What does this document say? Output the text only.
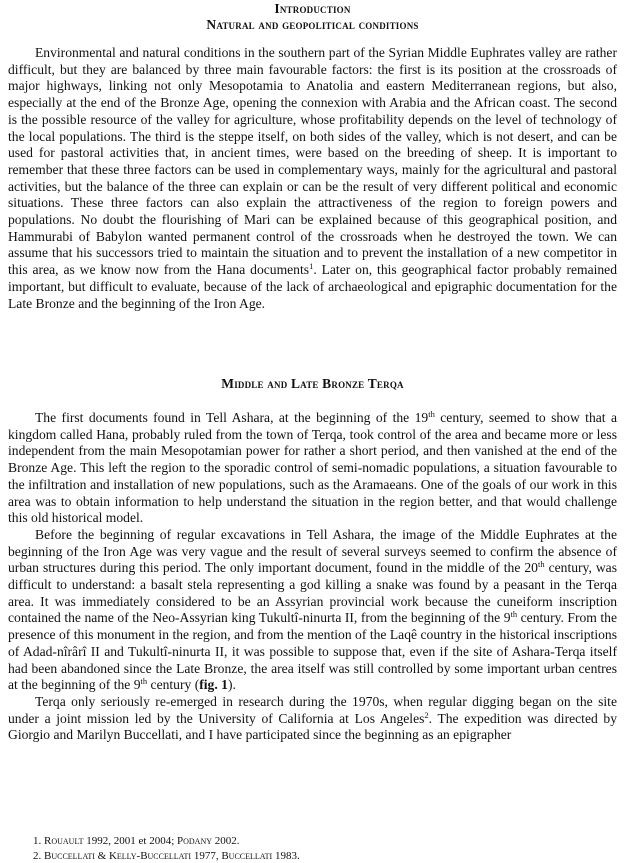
Introduction
Natural and geopolitical conditions

Environmental and natural conditions in the southern part of the Syrian Middle Euphrates valley are rather difficult, but they are balanced by three main favourable factors: the first is its position at the crossroads of major highways, linking not only Mesopotamia to Anatolia and eastern Mediterranean regions, but also, especially at the end of the Bronze Age, opening the connexion with Arabia and the African coast. The second is the possible resource of the valley for agriculture, whose profitability depends on the level of technology of the local populations. The third is the steppe itself, on both sides of the valley, which is not desert, and can be used for pastoral activities that, in ancient times, were based on the breeding of sheep. It is important to remember that these three factors can be used in complementary ways, mainly for the agricultural and pastoral activities, but the balance of the three can explain or can be the result of very different political and economic situations. These three factors can also explain the attractiveness of the region to foreign powers and populations. No doubt the flourishing of Mari can be explained because of this geographical position, and Hammurabi of Babylon wanted permanent control of the crossroads when he destroyed the town. We can assume that his successors tried to maintain the situation and to prevent the installation of a new competitor in this area, as we know now from the Hana documents$^1$. Later on, this geographical factor probably remained important, but difficult to evaluate, because of the lack of archaeological and epigraphic documentation for the Late Bronze and the beginning of the Iron Age.

Middle and Late Bronze Terqa

The first documents found in Tell Ashara, at the beginning of the 19th century, seemed to show that a kingdom called Hana, probably ruled from the town of Terqa, took control of the area and became more or less independent from the main Mesopotamian power for rather a short period, and then vanished at the end of the Bronze Age. This left the region to the sporadic control of semi-nomadic populations, a situation favourable to the infiltration and installation of new populations, such as the Aramaeans. One of the goals of our work in this area was to obtain information to help understand the situation in the region better, and that would challenge this old historical model.

Before the beginning of regular excavations in Tell Ashara, the image of the Middle Euphrates at the beginning of the Iron Age was very vague and the result of several surveys seemed to confirm the absence of urban structures during this period. The only important document, found in the middle of the 20th century, was difficult to understand: a basalt stela representing a god killing a snake was found by a peasant in the Terqa area. It was immediately considered to be an Assyrian provincial work because the cuneiform inscription contained the name of the Neo-Assyrian king Tukultî-ninurta II, from the beginning of the 9th century. From the presence of this monument in the region, and from the mention of the Laqê country in the historical inscriptions of Adad-nîrârî II and Tukultî-ninurta II, it was possible to suppose that, even if the site of Ashara-Terqa itself had been abandoned since the Late Bronze, the area itself was still controlled by some important urban centres at the beginning of the 9th century (fig. 1).

Terqa only seriously re-emerged in research during the 1970s, when regular digging began on the site under a joint mission led by the University of California at Los Angeles$^2$. The expedition was directed by Giorgio and Marilyn Buccellati, and I have participated since the beginning as an epigrapher

1. Rouault 1992, 2001 et 2004; Podany 2002.
2. Buccellati & Kelly-Buccellati 1977, Buccellati 1983.
